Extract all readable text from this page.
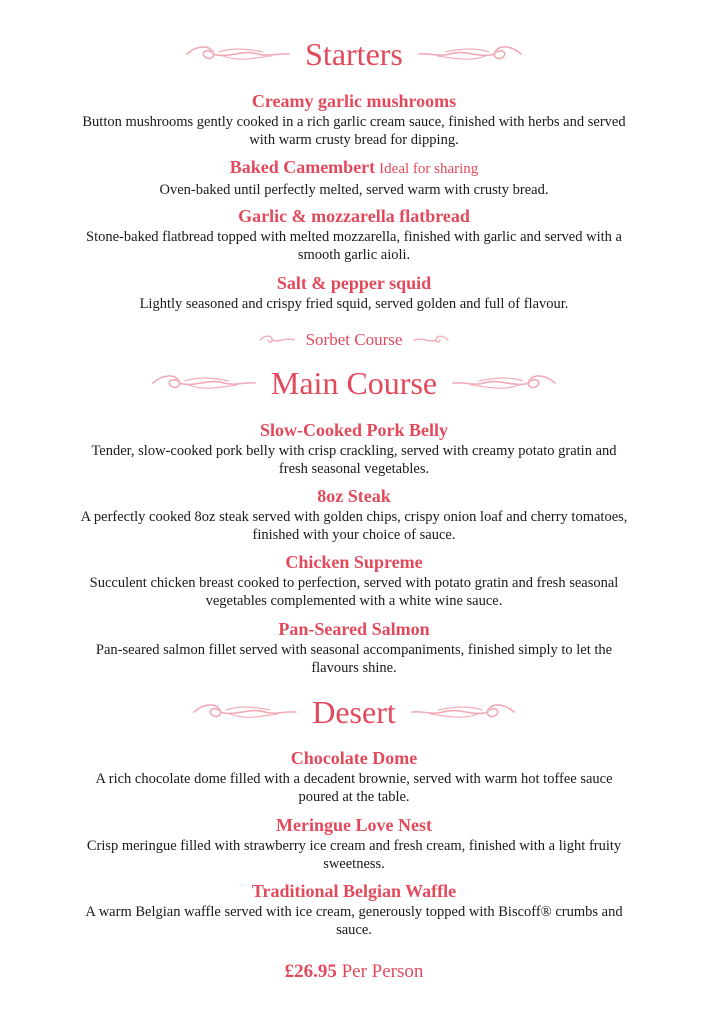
Starters
Creamy garlic mushrooms
Button mushrooms gently cooked in a rich garlic cream sauce, finished with herbs and served with warm crusty bread for dipping.
Baked Camembert Ideal for sharing
Oven-baked until perfectly melted, served warm with crusty bread.
Garlic & mozzarella flatbread
Stone-baked flatbread topped with melted mozzarella, finished with garlic and served with a smooth garlic aioli.
Salt & pepper squid
Lightly seasoned and crispy fried squid, served golden and full of flavour.
Sorbet Course
Main Course
Slow-Cooked Pork Belly
Tender, slow-cooked pork belly with crisp crackling, served with creamy potato gratin and fresh seasonal vegetables.
8oz Steak
A perfectly cooked 8oz steak served with golden chips, crispy onion loaf and cherry tomatoes, finished with your choice of sauce.
Chicken Supreme
Succulent chicken breast cooked to perfection, served with potato gratin and fresh seasonal vegetables complemented with a white wine sauce.
Pan-Seared Salmon
Pan-seared salmon fillet served with seasonal accompaniments, finished simply to let the flavours shine.
Desert
Chocolate Dome
A rich chocolate dome filled with a decadent brownie, served with warm hot toffee sauce poured at the table.
Meringue Love Nest
Crisp meringue filled with strawberry ice cream and fresh cream, finished with a light fruity sweetness.
Traditional Belgian Waffle
A warm Belgian waffle served with ice cream, generously topped with Biscoff® crumbs and sauce.
£26.95 Per Person
